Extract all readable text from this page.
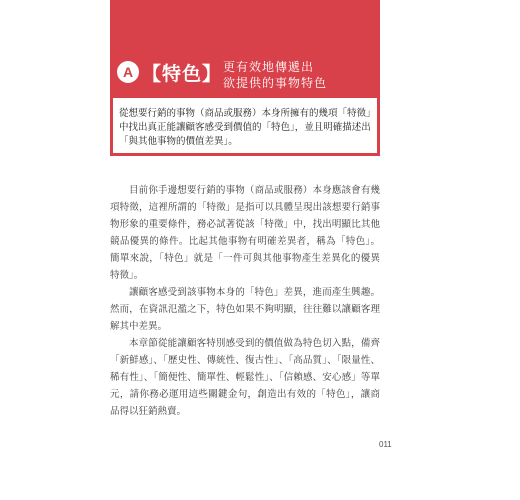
A 【特色】 更有效地傳遞出
欲提供的事物特色
從想要行銷的事物（商品或服務）本身所擁有的幾項「特徵」中找出真正能讓顧客感受到價值的「特色」，並且明確描述出「與其他事物的價值差異」。

目前你手邊想要行銷的事物（商品或服務）本身應該會有幾項特徵，這裡所謂的「特徵」是指可以具體呈現出該想要行銷事物形象的重要條件，務必試著從該「特徵」中，找出明顯比其他競品優異的條件。比起其他事物有明確差異者，稱為「特色」。簡單來說，「特色」就是「一件可與其他事物產生差異化的優異特徵」。

讓顧客感受到該事物本身的「特色」差異，進而產生興趣。然而，在資訊氾濫之下，特色如果不夠明顯，往往難以讓顧客理解其中差異。

本章節從能讓顧客特別感受到的價值做為特色切入點，備齊「新鮮感」、「歷史性、傳統性、復古性」、「高品質」、「限量性、稀有性」、「簡便性、簡單性、輕鬆性」、「信賴感、安心感」等單元，請你務必運用這些關鍵金句，創造出有效的「特色」，讓商品得以狂銷熱賣。

011
